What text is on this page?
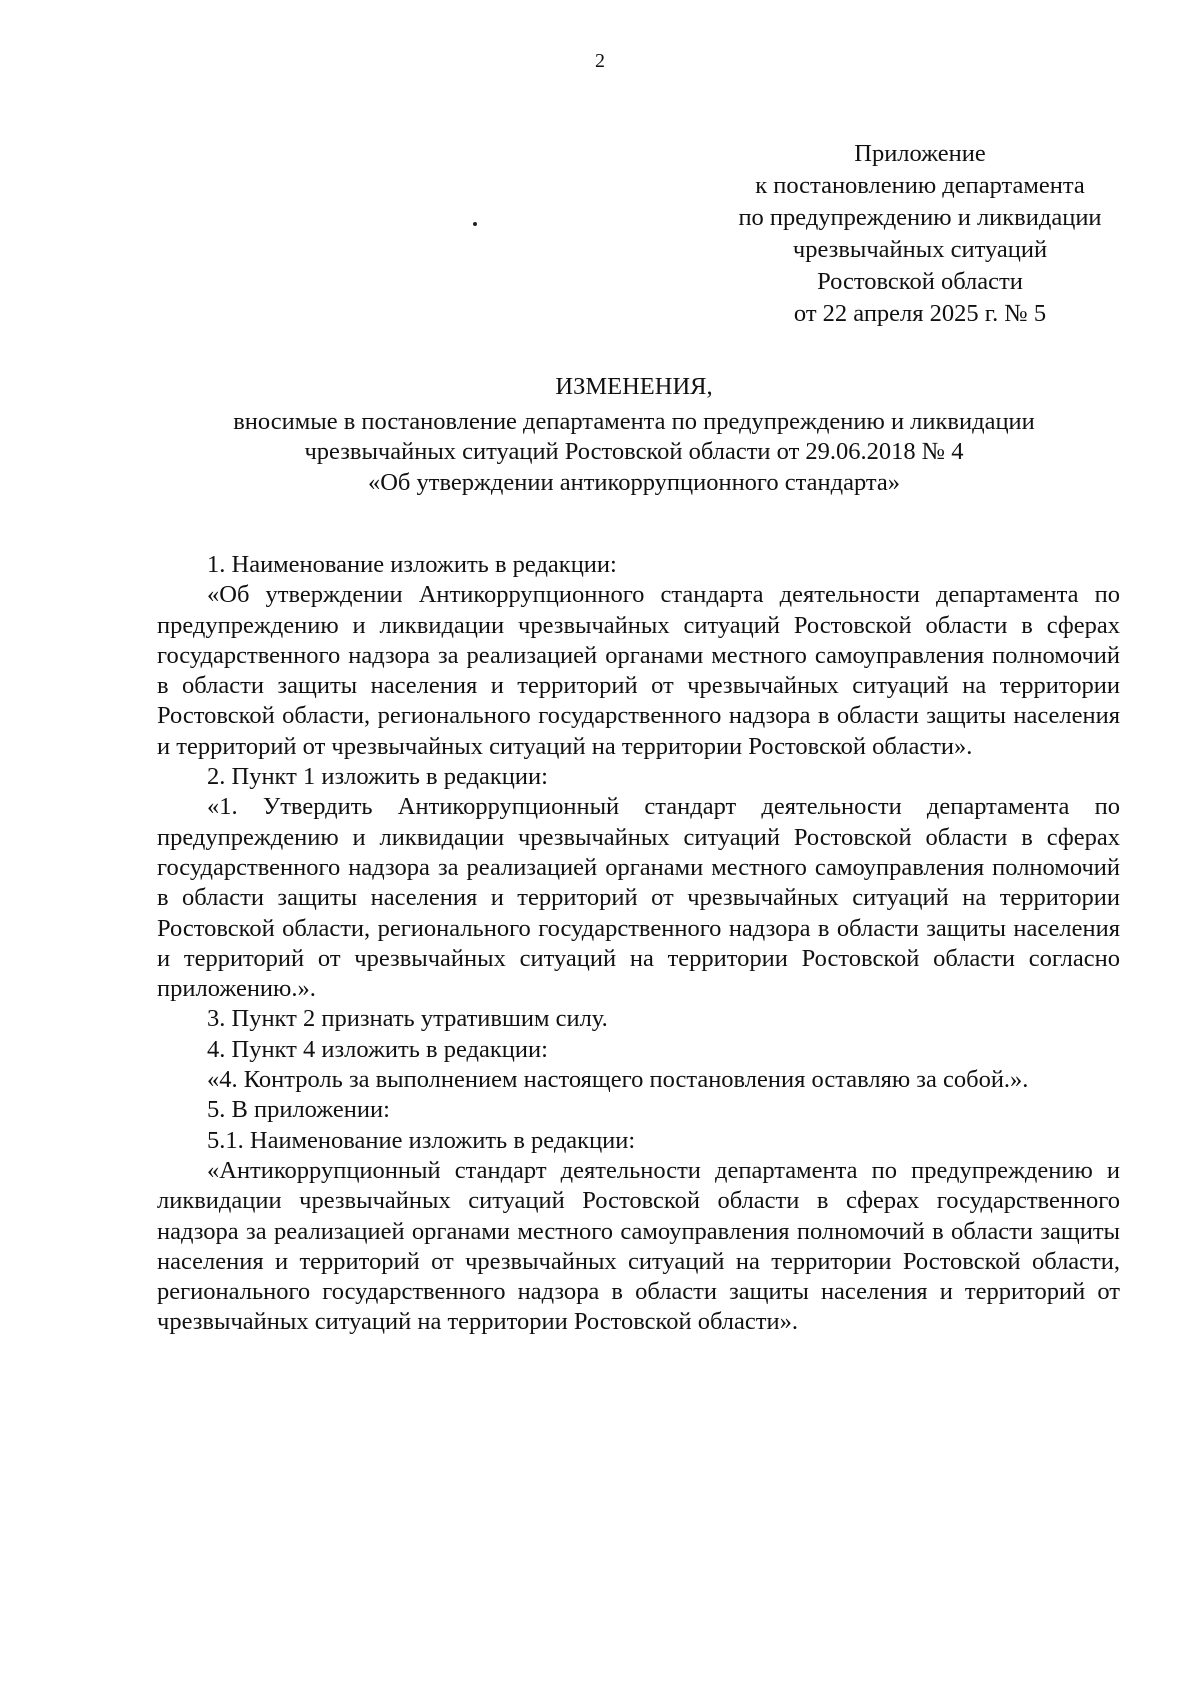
2
Приложение
к постановлению департамента
по предупреждению и ликвидации
чрезвычайных ситуаций
Ростовской области
от 22 апреля 2025 г. № 5
ИЗМЕНЕНИЯ,
вносимые в постановление департамента по предупреждению и ликвидации
чрезвычайных ситуаций Ростовской области от 29.06.2018 № 4
«Об утверждении антикоррупционного стандарта»

1. Наименование изложить в редакции:

«Об утверждении Антикоррупционного стандарта деятельности департамента по предупреждению и ликвидации чрезвычайных ситуаций Ростовской области в сферах государственного надзора за реализацией органами местного самоуправления полномочий в области защиты населения и территорий от чрезвычайных ситуаций на территории Ростовской области, регионального государственного надзора в области защиты населения и территорий от чрезвычайных ситуаций на территории Ростовской области».

2. Пункт 1 изложить в редакции:

«1. Утвердить Антикоррупционный стандарт деятельности департамента по предупреждению и ликвидации чрезвычайных ситуаций Ростовской области в сферах государственного надзора за реализацией органами местного самоуправления полномочий в области защиты населения и территорий от чрезвычайных ситуаций на территории Ростовской области, регионального государственного надзора в области защиты населения и территорий от чрезвычайных ситуаций на территории Ростовской области согласно приложению.».

3. Пункт 2 признать утратившим силу.

4. Пункт 4 изложить в редакции:

«4. Контроль за выполнением настоящего постановления оставляю за собой.».

5. В приложении:

5.1. Наименование изложить в редакции:

«Антикоррупционный стандарт деятельности департамента по предупреждению и ликвидации чрезвычайных ситуаций Ростовской области в сферах государственного надзора за реализацией органами местного самоуправления полномочий в области защиты населения и территорий от чрезвычайных ситуаций на территории Ростовской области, регионального государственного надзора в области защиты населения и территорий от чрезвычайных ситуаций на территории Ростовской области».
